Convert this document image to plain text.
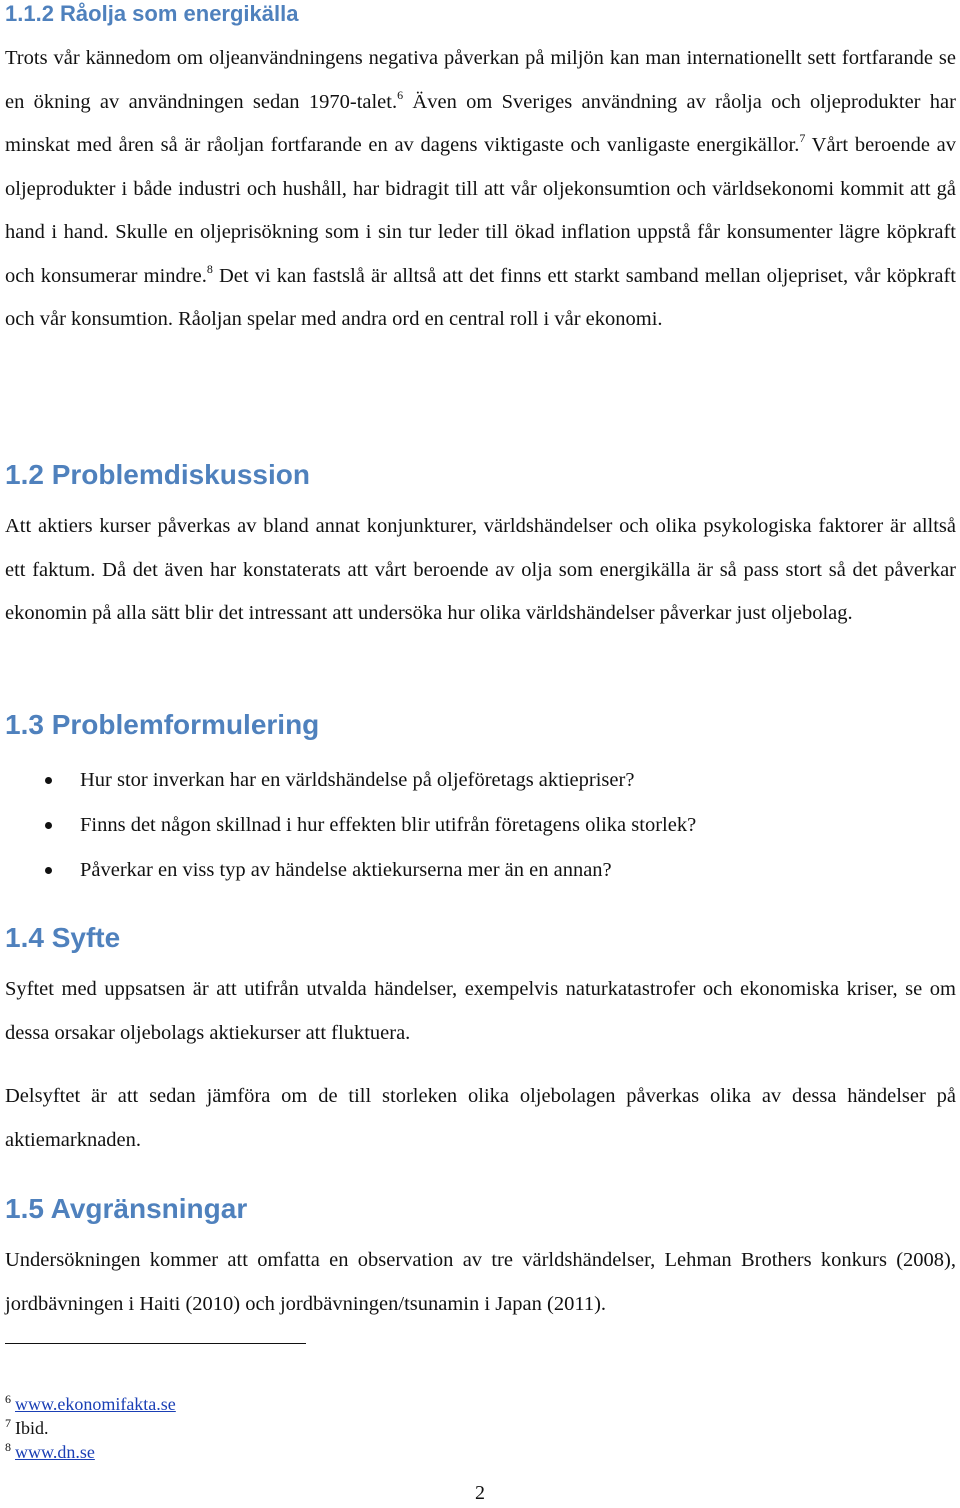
1.1.2 Råolja som energikälla

Trots vår kännedom om oljeanvändningens negativa påverkan på miljön kan man internationellt sett fortfarande se en ökning av användningen sedan 1970-talet.$^6$ Även om Sveriges användning av råolja och oljeprodukter har minskat med åren så är råoljan fortfarande en av dagens viktigaste och vanligaste energikällor.$^7$ Vårt beroende av oljeprodukter i både industri och hushåll, har bidragit till att vår oljekonsumtion och världsekonomi kommit att gå hand i hand. Skulle en oljeprisökning som i sin tur leder till ökad inflation uppstå får konsumenter lägre köpkraft och konsumerar mindre.$^8$ Det vi kan fastslå är alltså att det finns ett starkt samband mellan oljepriset, vår köpkraft och vår konsumtion. Råoljan spelar med andra ord en central roll i vår ekonomi.

1.2 Problemdiskussion

Att aktiers kurser påverkas av bland annat konjunkturer, världshändelser och olika psykologiska faktorer är alltså ett faktum. Då det även har konstaterats att vårt beroende av olja som energikälla är så pass stort så det påverkar ekonomin på alla sätt blir det intressant att undersöka hur olika världshändelser påverkar just oljebolag.

1.3 Problemformulering
Hur stor inverkan har en världshändelse på oljeföretags aktiepriser?
Finns det någon skillnad i hur effekten blir utifrån företagens olika storlek?
Påverkar en viss typ av händelse aktiekurserna mer än en annan?
1.4 Syfte

Syftet med uppsatsen är att utifrån utvalda händelser, exempelvis naturkatastrofer och ekonomiska kriser, se om dessa orsakar oljebolags aktiekurser att fluktuera.

Delsyftet är att sedan jämföra om de till storleken olika oljebolagen påverkas olika av dessa händelser på aktiemarknaden.

1.5 Avgränsningar

Undersökningen kommer att omfatta en observation av tre världshändelser, Lehman Brothers konkurs (2008), jordbävningen i Haiti (2010) och jordbävningen/tsunamin i Japan (2011).

$^6$ www.ekonomifakta.se
$^7$ Ibid.
$^8$ www.dn.se
2
